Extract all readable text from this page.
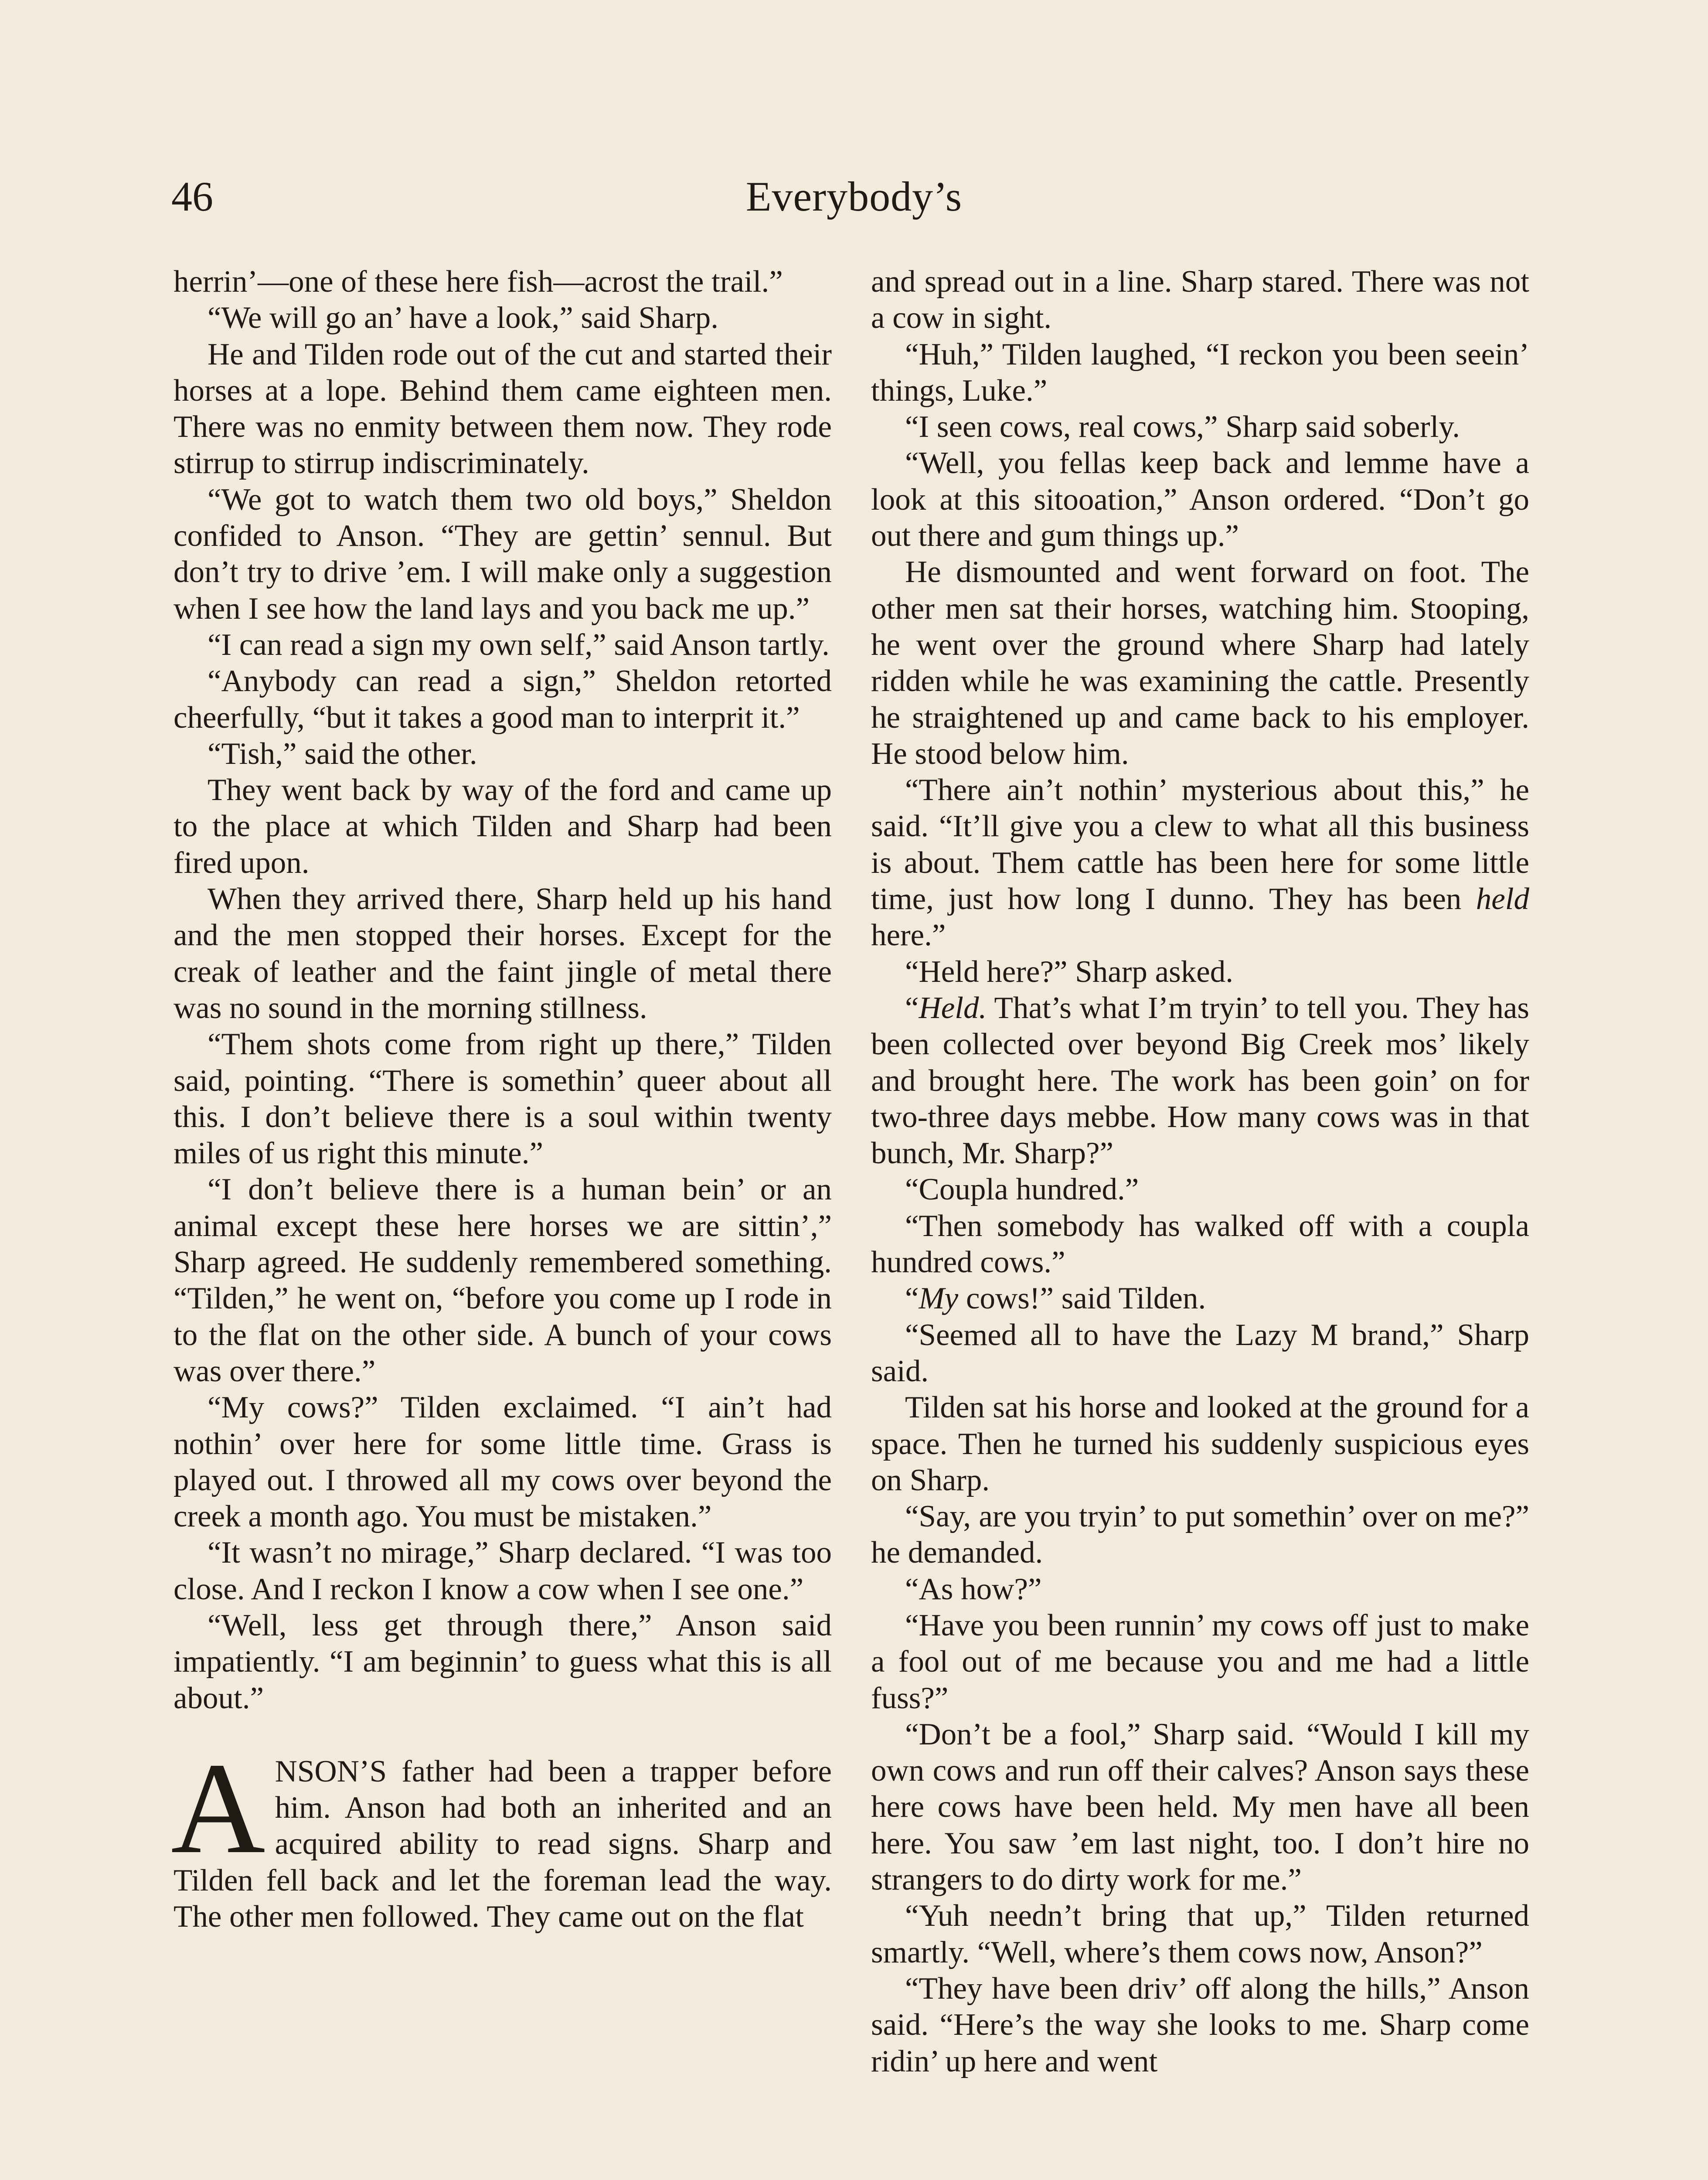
46	Everybody’s

herrin’—one of these here fish—acrost the trail.”

“We will go an’ have a look,” said Sharp.

He and Tilden rode out of the cut and started their horses at a lope. Behind them came eighteen men. There was no enmity between them now. They rode stirrup to stirrup indiscriminately.

“We got to watch them two old boys,” Sheldon confided to Anson. “They are gettin’ sennul. But don’t try to drive ’em. I will make only a suggestion when I see how the land lays and you back me up.”

“I can read a sign my own self,” said Anson tartly.

“Anybody can read a sign,” Sheldon retorted cheerfully, “but it takes a good man to interprit it.”

“Tish,” said the other.

They went back by way of the ford and came up to the place at which Tilden and Sharp had been fired upon.

When they arrived there, Sharp held up his hand and the men stopped their horses. Except for the creak of leather and the faint jingle of metal there was no sound in the morning stillness.

“Them shots come from right up there,” Tilden said, pointing. “There is somethin’ queer about all this. I don’t believe there is a soul within twenty miles of us right this minute.”

“I don’t believe there is a human bein’ or an animal except these here horses we are sittin’,” Sharp agreed. He suddenly remembered something. “Tilden,” he went on, “before you come up I rode in to the flat on the other side. A bunch of your cows was over there.”

“My cows?” Tilden exclaimed. “I ain’t had nothin’ over here for some little time. Grass is played out. I throwed all my cows over beyond the creek a month ago. You must be mistaken.”

“It wasn’t no mirage,” Sharp declared. “I was too close. And I reckon I know a cow when I see one.”

“Well, less get through there,” Anson said impatiently. “I am beginnin’ to guess what this is all about.”

ANSON’S father had been a trapper before him. Anson had both an inherited and an acquired ability to read signs. Sharp and Tilden fell back and let the foreman lead the way. The other men followed. They came out on the flat

and spread out in a line. Sharp stared. There was not a cow in sight.

“Huh,” Tilden laughed, “I reckon you been seein’ things, Luke.”

“I seen cows, real cows,” Sharp said soberly.

“Well, you fellas keep back and lemme have a look at this sitooation,” Anson ordered. “Don’t go out there and gum things up.”

He dismounted and went forward on foot. The other men sat their horses, watching him. Stooping, he went over the ground where Sharp had lately ridden while he was examining the cattle. Presently he straightened up and came back to his employer. He stood below him.

“There ain’t nothin’ mysterious about this,” he said. “It’ll give you a clew to what all this business is about. Them cattle has been here for some little time, just how long I dunno. They has been held here.”

“Held here?” Sharp asked.

“Held. That’s what I’m tryin’ to tell you. They has been collected over beyond Big Creek mos’ likely and brought here. The work has been goin’ on for two-three days mebbe. How many cows was in that bunch, Mr. Sharp?”

“Coupla hundred.”

“Then somebody has walked off with a coupla hundred cows.”

“My cows!” said Tilden.

“Seemed all to have the Lazy M brand,” Sharp said.

Tilden sat his horse and looked at the ground for a space. Then he turned his suddenly suspicious eyes on Sharp.

“Say, are you tryin’ to put somethin’ over on me?” he demanded.

“As how?”

“Have you been runnin’ my cows off just to make a fool out of me because you and me had a little fuss?”

“Don’t be a fool,” Sharp said. “Would I kill my own cows and run off their calves? Anson says these here cows have been held. My men have all been here. You saw ’em last night, too. I don’t hire no strangers to do dirty work for me.”

“Yuh needn’t bring that up,” Tilden returned smartly. “Well, where’s them cows now, Anson?”

“They have been driv’ off along the hills,” Anson said. “Here’s the way she looks to me. Sharp come ridin’ up here and went
